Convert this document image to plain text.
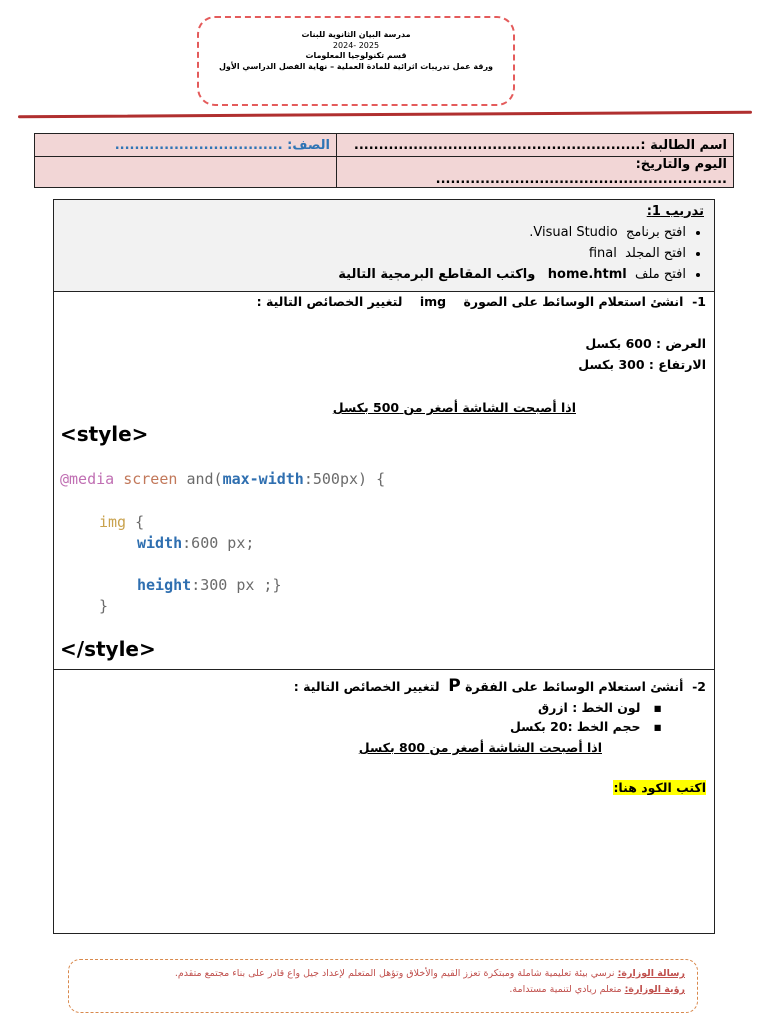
مدرسة البيان الثانوية للبنات
2025 -2024
قسم تكنولوجيا المعلومات
ورقة عمل تدريبات اثرائية للمادة العملية – نهاية الفصل الدراسي الأول
اسم الطالبة :..........................................................	الصف: ..................................
اليوم والتاريخ: ...........................................................	
تدريب 1:
• افتح برنامج  Visual Studio.
• افتح المجلد  final
• افتح ملف  home.html   واكتب المقاطع البرمجية التالية
1-  انشئ استعلام الوسائط على الصورة    img    لتغيير الخصائص التالية :
العرض : 600 بكسل
الارتفاع : 300 بكسل
اذا أصبحت الشاشة أصغر من 500 بكسل
<style>
@media screen and(max-width:500px) {
img {
width:600 px;
height:300 px ;}
}
</style>
2-  أنشئ استعلام الوسائط على الفقرة P  لتغيير الخصائص التالية :
▪   لون الخط : ازرق
▪   حجم الخط :20 بكسل
اذا أصبحت الشاشة أصغر من 800 بكسل
اكتب الكود هنا:
رسالة الوزارة: نرسي بيئة تعليمية شاملة ومبتكرة تعزز القيم والأخلاق وتؤهل المتعلم لإعداد جيل واع قادر على بناء مجتمع متقدم.
رؤية الوزارة: متعلم ريادي لتنمية مستدامة.
